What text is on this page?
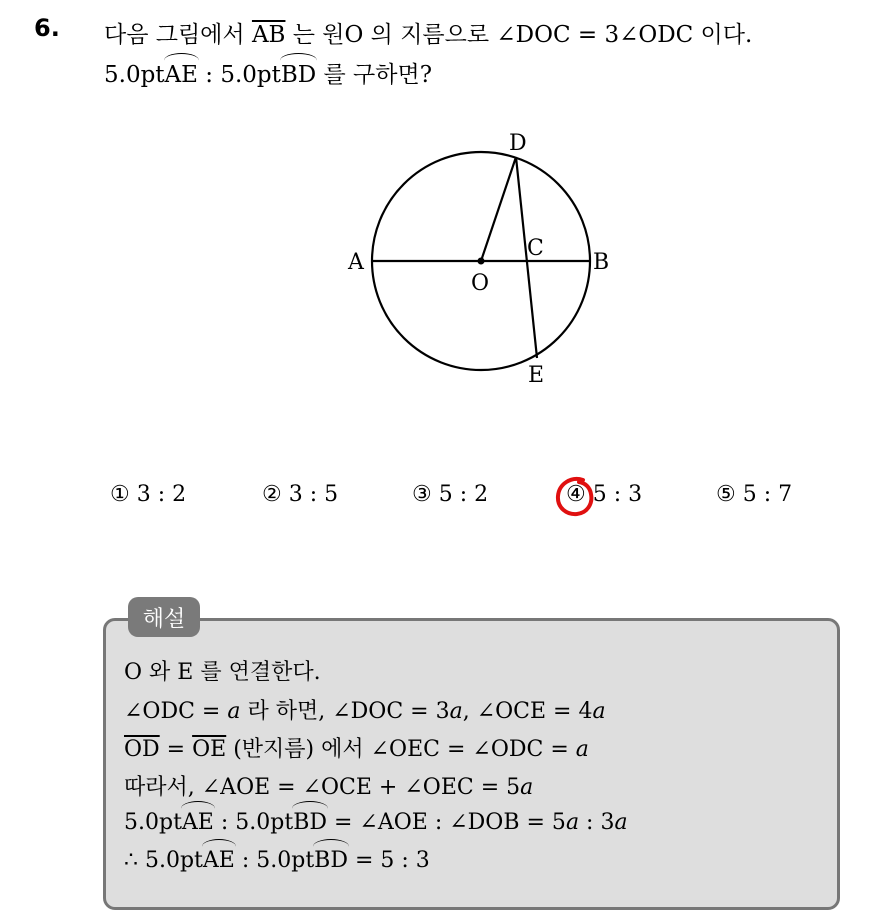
6. 다음 그림에서 $\overline{AB}$ 는 원O 의 지름으로 ∠DOC = 3∠ODC 이다.
5.0ptAE : 5.0ptBD 를 구하면?
A	B
C
D
E
O
① 3 : 2	② 3 : 5	③ 5 : 2	④ 5 : 3	⑤ 5 : 7
해설
O 와 E 를 연결한다.
∠ODC = a 라 하면, ∠DOC = 3a, ∠OCE = 4a
$\overline{OD} = \overline{OE}$ (반지름) 에서 ∠OEC = ∠ODC = a
따라서, ∠AOE = ∠OCE + ∠OEC = 5a
5.0ptAE : 5.0ptBD = ∠AOE : ∠DOB = 5a : 3a
∴ 5.0ptAE : 5.0ptBD = 5 : 3
